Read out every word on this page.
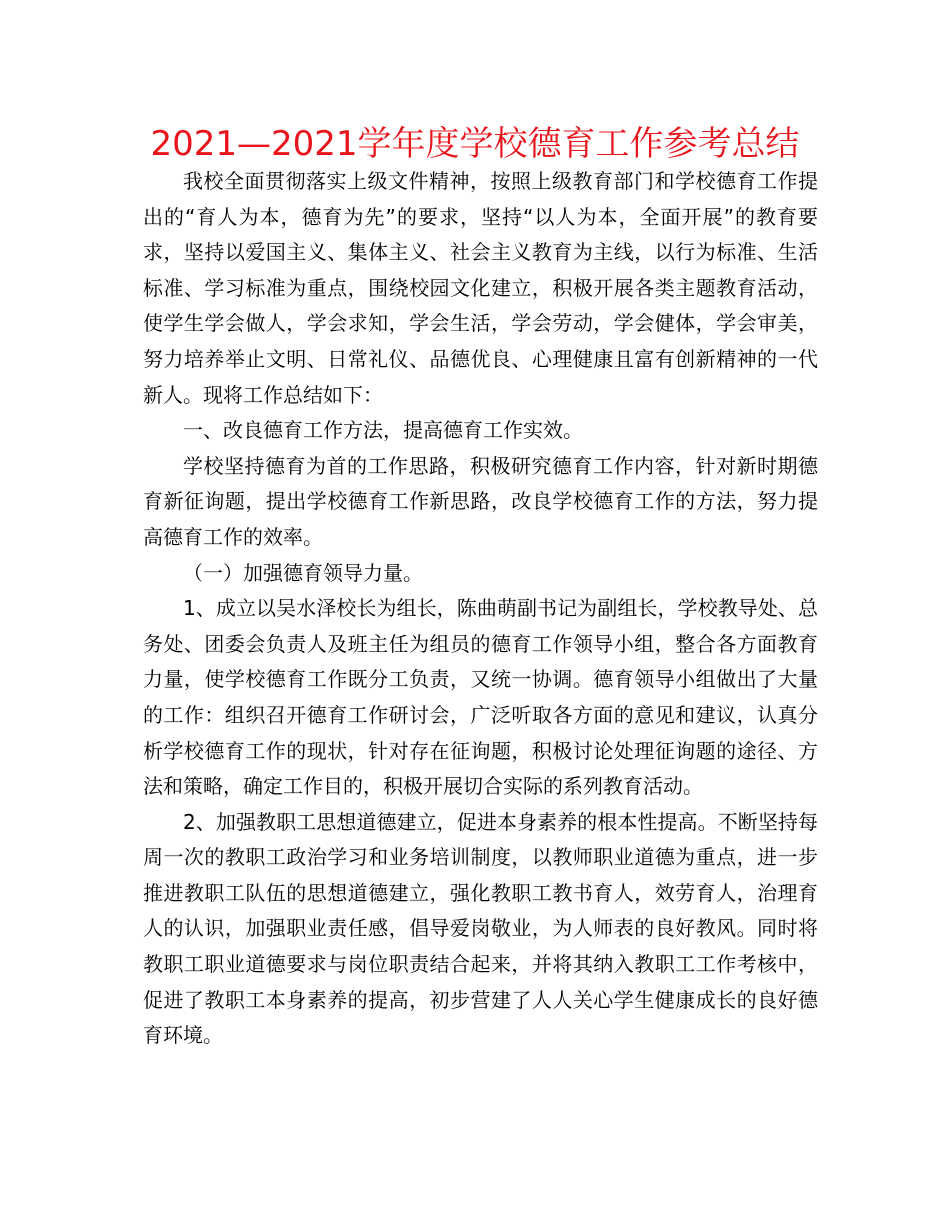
2021—2021学年度学校德育工作参考总结

我校全面贯彻落实上级文件精神，按照上级教育部门和学校德育工作提出的“育人为本，德育为先”的要求，坚持“以人为本，全面开展”的教育要求，坚持以爱国主义、集体主义、社会主义教育为主线，以行为标准、生活标准、学习标准为重点，围绕校园文化建立，积极开展各类主题教育活动，使学生学会做人，学会求知，学会生活，学会劳动，学会健体，学会审美，努力培养举止文明、日常礼仪、品德优良、心理健康且富有创新精神的一代新人。现将工作总结如下：

一、改良德育工作方法，提高德育工作实效。

学校坚持德育为首的工作思路，积极研究德育工作内容，针对新时期德育新征询题，提出学校德育工作新思路，改良学校德育工作的方法，努力提高德育工作的效率。

（一）加强德育领导力量。

1、成立以吴水泽校长为组长，陈曲萌副书记为副组长，学校教导处、总务处、团委会负责人及班主任为组员的德育工作领导小组，整合各方面教育力量，使学校德育工作既分工负责，又统一协调。德育领导小组做出了大量的工作：组织召开德育工作研讨会，广泛听取各方面的意见和建议，认真分析学校德育工作的现状，针对存在征询题，积极讨论处理征询题的途径、方法和策略，确定工作目的，积极开展切合实际的系列教育活动。

2、加强教职工思想道德建立，促进本身素养的根本性提高。不断坚持每周一次的教职工政治学习和业务培训制度，以教师职业道德为重点，进一步推进教职工队伍的思想道德建立，强化教职工教书育人，效劳育人，治理育人的认识，加强职业责任感，倡导爱岗敬业，为人师表的良好教风。同时将教职工职业道德要求与岗位职责结合起来，并将其纳入教职工工作考核中，促进了教职工本身素养的提高，初步营建了人人关心学生健康成长的良好德育环境。
